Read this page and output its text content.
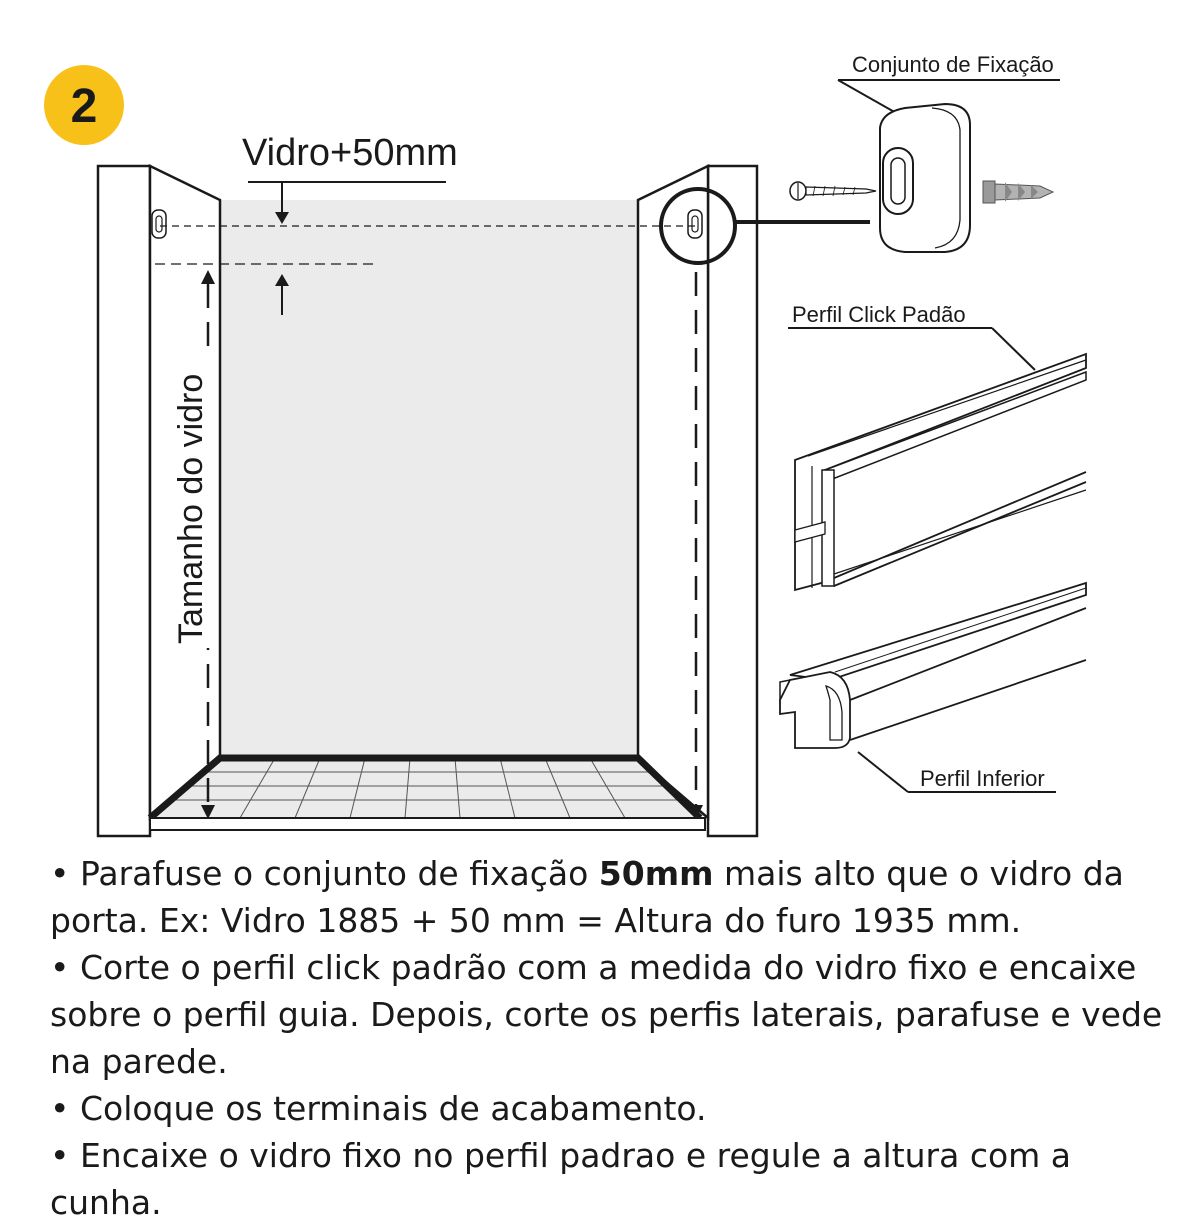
2
Vidro+50mm
Tamanho do vidro
Conjunto de Fixação
Perfil Click Padão
Perfil Inferior

• Parafuse o conjunto de fixação 50mm mais alto que o vidro da porta. Ex: Vidro 1885 + 50 mm = Altura do furo 1935 mm.

• Corte o perfil click padrão com a medida do vidro fixo e encaixe sobre o perfil guia. Depois, corte os perfis laterais, parafuse e vede na parede.

• Coloque os terminais de acabamento.

• Encaixe o vidro fixo no perfil padrao e regule a altura com a cunha.
